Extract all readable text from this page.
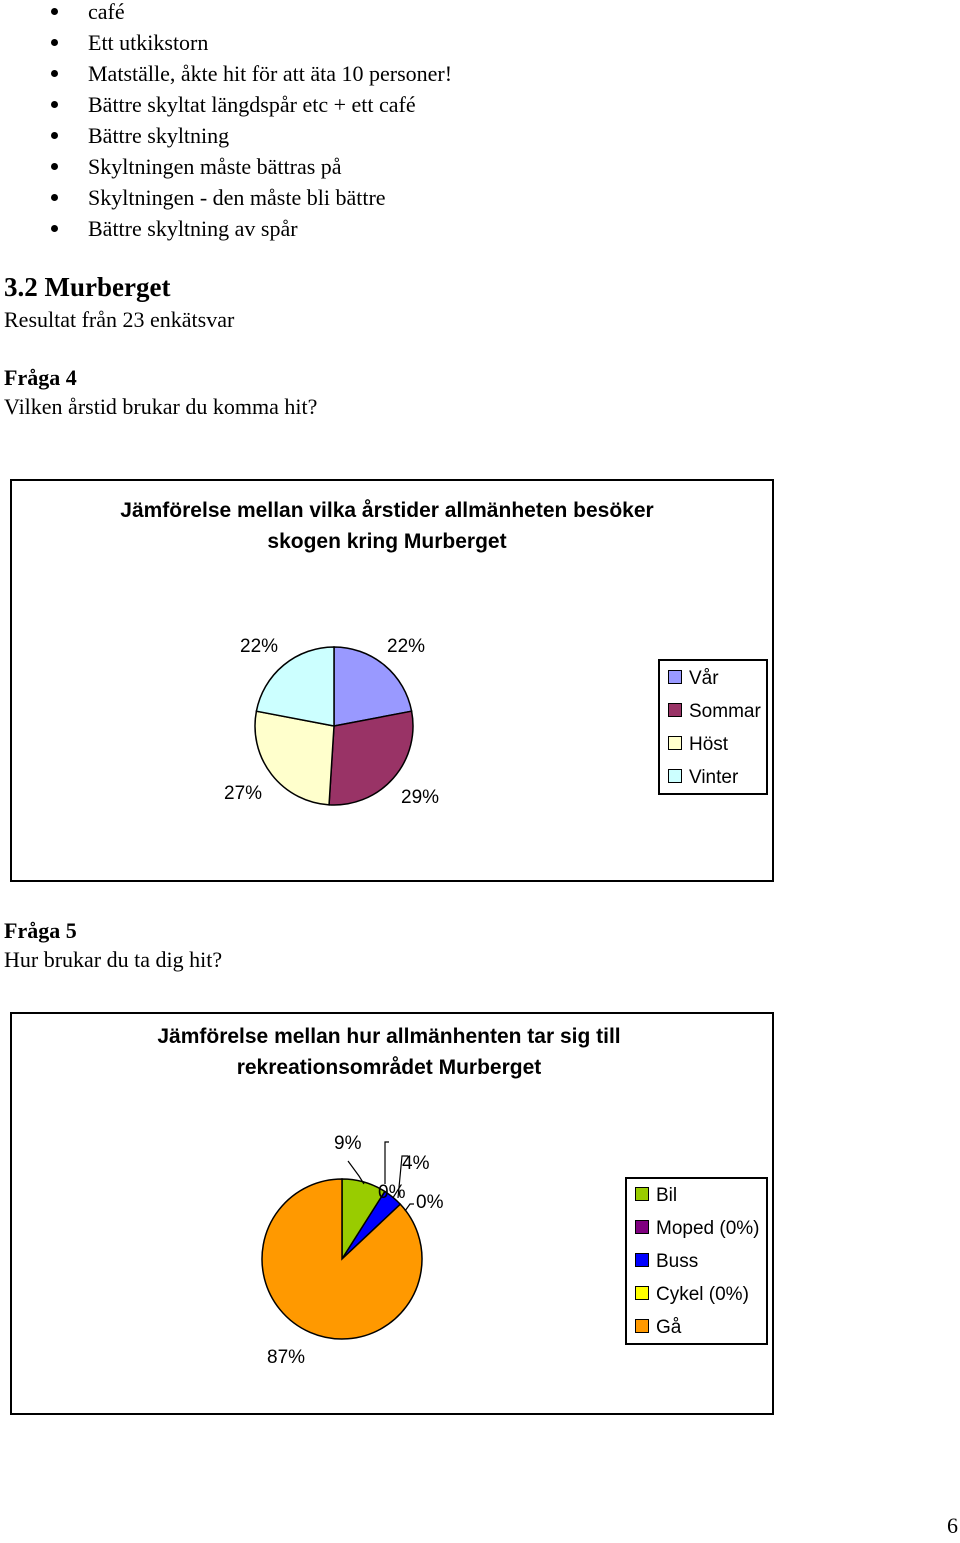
café
Ett utkikstorn
Matställe, åkte hit för att äta 10 personer!
Bättre skyltat längdspår etc + ett café
Bättre skyltning
Skyltningen måste bättras på
Skyltningen - den måste bli bättre
Bättre skyltning av spår
3.2 Murberget
Resultat från 23 enkätsvar
Fråga 4
Vilken årstid brukar du komma hit?
Jämförelse mellan vilka årstider allmänheten besöker
skogen kring Murberget
22%
29%
27%
22%
Vår
Sommar
Höst
Vinter
Fråga 5
Hur brukar du ta dig hit?
Jämförelse mellan hur allmänhenten tar sig till
rekreationsområdet Murberget
9%
0%
4%
0%
87%
Bil
Moped (0%)
Buss
Cykel (0%)
Gå
6
